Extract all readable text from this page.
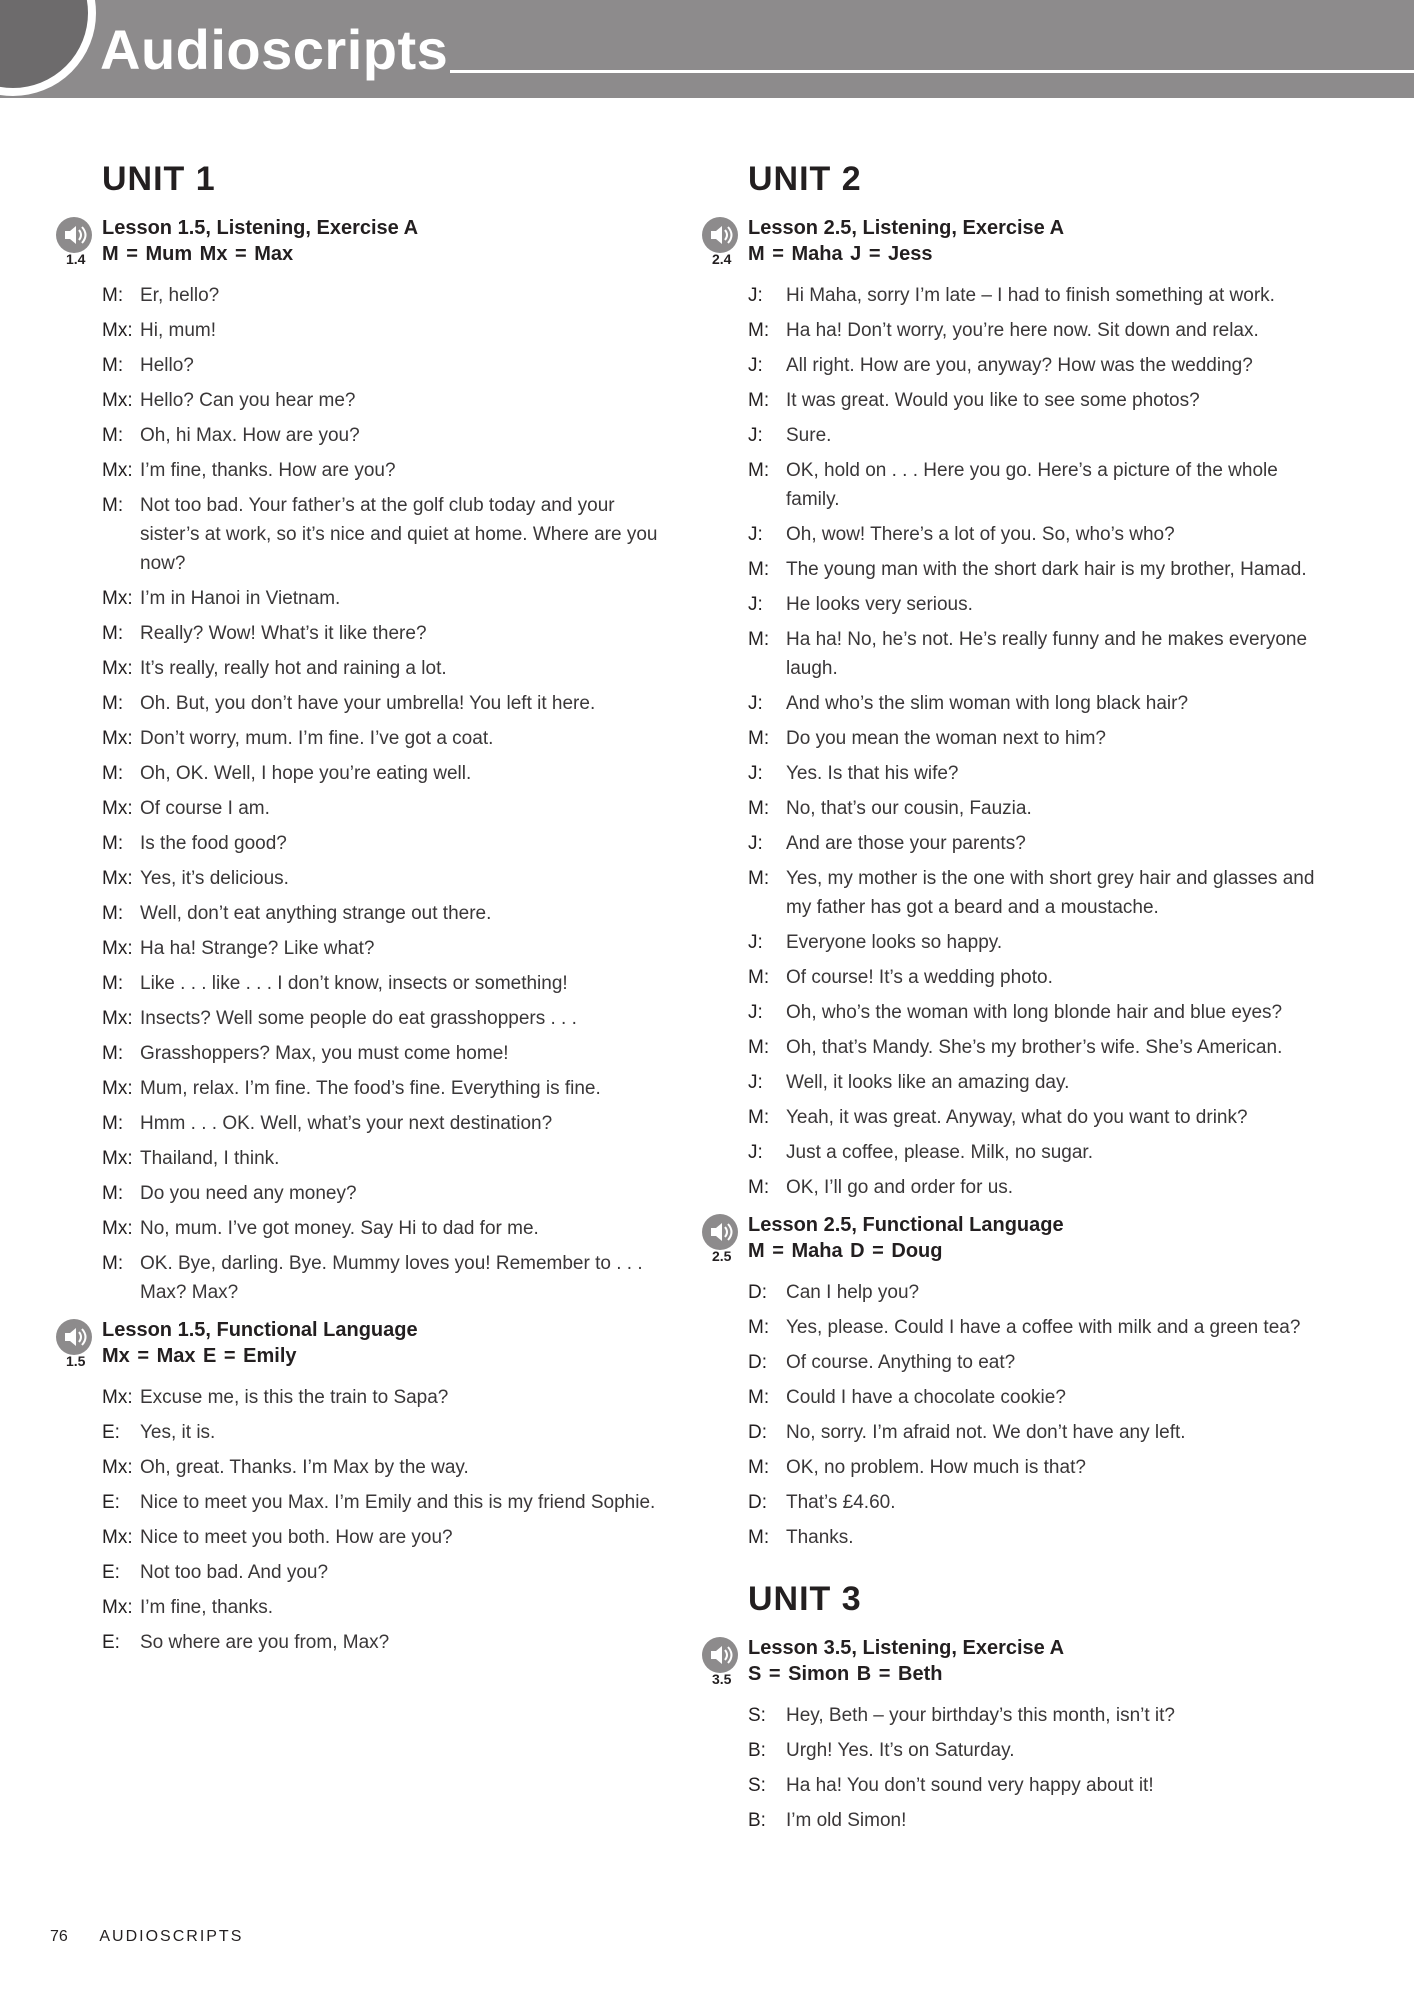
Audioscripts
UNIT 1
1.4
Lesson 1.5, Listening, Exercise A
M = Mum Mx = Max
M: Er, hello?
Mx: Hi, mum!
M: Hello?
Mx: Hello? Can you hear me?
M: Oh, hi Max. How are you?
Mx: I’m fine, thanks. How are you?
M: Not too bad. Your father’s at the golf club today and your sister’s at work, so it’s nice and quiet at home. Where are you now?
Mx: I’m in Hanoi in Vietnam.
M: Really? Wow! What’s it like there?
Mx: It’s really, really hot and raining a lot.
M: Oh. But, you don’t have your umbrella! You left it here.
Mx: Don’t worry, mum. I’m fine. I’ve got a coat.
M: Oh, OK. Well, I hope you’re eating well.
Mx: Of course I am.
M: Is the food good?
Mx: Yes, it’s delicious.
M: Well, don’t eat anything strange out there.
Mx: Ha ha! Strange? Like what?
M: Like . . . like . . . I don’t know, insects or something!
Mx: Insects? Well some people do eat grasshoppers . . .
M: Grasshoppers? Max, you must come home!
Mx: Mum, relax. I’m fine. The food’s fine. Everything is fine.
M: Hmm . . . OK. Well, what’s your next destination?
Mx: Thailand, I think.
M: Do you need any money?
Mx: No, mum. I’ve got money. Say Hi to dad for me.
M: OK. Bye, darling. Bye. Mummy loves you! Remember to . . . Max? Max?
1.5
Lesson 1.5, Functional Language
Mx = Max E = Emily
Mx: Excuse me, is this the train to Sapa?
E: Yes, it is.
Mx: Oh, great. Thanks. I’m Max by the way.
E: Nice to meet you Max. I’m Emily and this is my friend Sophie.
Mx: Nice to meet you both. How are you?
E: Not too bad. And you?
Mx: I’m fine, thanks.
E: So where are you from, Max?
UNIT 2
2.4
Lesson 2.5, Listening, Exercise A
M = Maha J = Jess
J: Hi Maha, sorry I’m late – I had to finish something at work.
M: Ha ha! Don’t worry, you’re here now. Sit down and relax.
J: All right. How are you, anyway? How was the wedding?
M: It was great. Would you like to see some photos?
J: Sure.
M: OK, hold on . . . Here you go. Here’s a picture of the whole family.
J: Oh, wow! There’s a lot of you. So, who’s who?
M: The young man with the short dark hair is my brother, Hamad.
J: He looks very serious.
M: Ha ha! No, he’s not. He’s really funny and he makes everyone laugh.
J: And who’s the slim woman with long black hair?
M: Do you mean the woman next to him?
J: Yes. Is that his wife?
M: No, that’s our cousin, Fauzia.
J: And are those your parents?
M: Yes, my mother is the one with short grey hair and glasses and my father has got a beard and a moustache.
J: Everyone looks so happy.
M: Of course! It’s a wedding photo.
J: Oh, who’s the woman with long blonde hair and blue eyes?
M: Oh, that’s Mandy. She’s my brother’s wife. She’s American.
J: Well, it looks like an amazing day.
M: Yeah, it was great. Anyway, what do you want to drink?
J: Just a coffee, please. Milk, no sugar.
M: OK, I’ll go and order for us.
2.5
Lesson 2.5, Functional Language
M = Maha D = Doug
D: Can I help you?
M: Yes, please. Could I have a coffee with milk and a green tea?
D: Of course. Anything to eat?
M: Could I have a chocolate cookie?
D: No, sorry. I’m afraid not. We don’t have any left.
M: OK, no problem. How much is that?
D: That’s £4.60.
M: Thanks.
UNIT 3
3.5
Lesson 3.5, Listening, Exercise A
S = Simon B = Beth
S: Hey, Beth – your birthday’s this month, isn’t it?
B: Urgh! Yes. It’s on Saturday.
S: Ha ha! You don’t sound very happy about it!
B: I’m old Simon!
76 AUDIOSCRIPTS
